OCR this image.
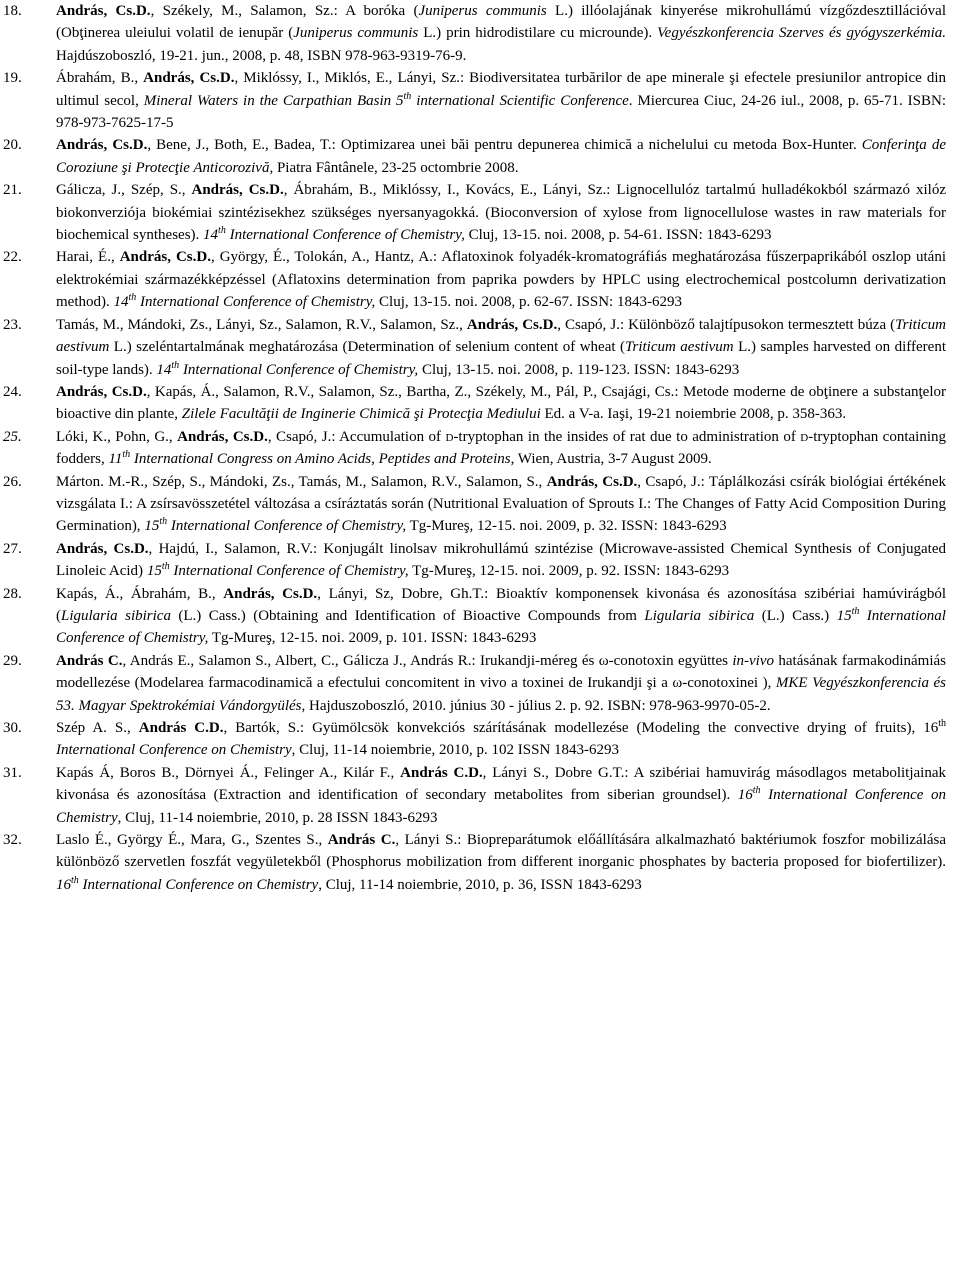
18.	András, Cs.D., Székely, M., Salamon, Sz.: A boróka (Juniperus communis L.) illóolajának kinyerése mikrohullámú vízgőzdesztillációval (Obţinerea uleiului volatil de ienupăr (Juniperus communis L.) prin hidrodistilare cu microunde). Vegyészkonferencia Szerves és gyógyszerkémia. Hajdúszoboszló, 19-21. jun., 2008, p. 48, ISBN 978-963-9319-76-9.
19.	Ábrahám, B., András, Cs.D., Miklóssy, I., Miklós, E., Lányi, Sz.: Biodiversitatea turbărilor de ape minerale şi efectele presiunilor antropice din ultimul secol, Mineral Waters in the Carpathian Basin 5th international Scientific Conference. Miercurea Ciuc, 24-26 iul., 2008, p. 65-71. ISBN: 978-973-7625-17-5
20.	András, Cs.D., Bene, J., Both, E., Badea, T.: Optimizarea unei băi pentru depunerea chimică a nichelului cu metoda Box-Hunter. Conferinţa de Coroziune şi Protecţie Anticorozivă, Piatra Fântânele, 23-25 octombrie 2008.
21.	Gálicza, J., Szép, S., András, Cs.D., Ábrahám, B., Miklóssy, I., Kovács, E., Lányi, Sz.: Lignocellulóz tartalmú hulladékokból származó xilóz biokonverziója biokémiai szintézisekhez szükséges nyersanyagokká. (Bioconversion of xylose from lignocellulose wastes in raw materials for biochemical syntheses). 14th International Conference of Chemistry, Cluj, 13-15. noi. 2008, p. 54-61. ISSN: 1843-6293
22.	Harai, É., András, Cs.D., György, É., Tolokán, A., Hantz, A.: Aflatoxinok folyadék-kromatográfiás meghatározása fűszerpaprikából oszlop utáni elektrokémiai származékképzéssel (Aflatoxins determination from paprika powders by HPLC using electrochemical postcolumn derivatization method). 14th International Conference of Chemistry, Cluj, 13-15. noi. 2008, p. 62-67. ISSN: 1843-6293
23.	Tamás, M., Mándoki, Zs., Lányi, Sz., Salamon, R.V., Salamon, Sz., András, Cs.D., Csapó, J.: Különböző talajtípusokon termesztett búza (Triticum aestivum L.) szeléntartalmának meghatározása (Determination of selenium content of wheat (Triticum aestivum L.) samples harvested on different soil-type lands). 14th International Conference of Chemistry, Cluj, 13-15. noi. 2008, p. 119-123. ISSN: 1843-6293
24.	András, Cs.D., Kapás, Á., Salamon, R.V., Salamon, Sz., Bartha, Z., Székely, M., Pál, P., Csajági, Cs.: Metode moderne de obţinere a substanţelor bioactive din plante, Zilele Facultăţii de Inginerie Chimică şi Protecţia Mediului Ed. a V-a. Iaşi, 19-21 noiembrie 2008, p. 358-363.
25.	Lóki, K., Pohn, G., András, Cs.D., Csapó, J.: Accumulation of d-tryptophan in the insides of rat due to administration of d-tryptophan containing fodders, 11th International Congress on Amino Acids, Peptides and Proteins, Wien, Austria, 3-7 August 2009.
26.	Márton. M.-R., Szép, S., Mándoki, Zs., Tamás, M., Salamon, R.V., Salamon, S., András, Cs.D., Csapó, J.: Táplálkozási csírák biológiai értékének vizsgálata I.: A zsírsavösszetétel változása a csíráztatás során (Nutritional Evaluation of Sprouts I.: The Changes of Fatty Acid Composition During Germination), 15th International Conference of Chemistry, Tg-Mureş, 12-15. noi. 2009, p. 32. ISSN: 1843-6293
27.	András, Cs.D., Hajdú, I., Salamon, R.V.: Konjugált linolsav mikrohullámú szintézise (Microwave-assisted Chemical Synthesis of Conjugated Linoleic Acid) 15th International Conference of Chemistry, Tg-Mureş, 12-15. noi. 2009, p. 92. ISSN: 1843-6293
28.	Kapás, Á., Ábrahám, B., András, Cs.D., Lányi, Sz, Dobre, Gh.T.: Bioaktív komponensek kivonása és azonosítása szibériai hamúvirágból (Ligularia sibirica (L.) Cass.) (Obtaining and Identification of Bioactive Compounds from Ligularia sibirica (L.) Cass.) 15th International Conference of Chemistry, Tg-Mureş, 12-15. noi. 2009, p. 101. ISSN: 1843-6293
29.	András C., András E., Salamon S., Albert, C., Gálicza J., András R.: Irukandji-méreg és ω-conotoxin együttes in-vivo hatásának farmakodinámiás modellezése (Modelarea farmacodinamică a efectului concomitent in vivo a toxinei de Irukandji şi a ω-conotoxinei ), MKE Vegyészkonferencia és 53. Magyar Spektrokémiai Vándorgyülés, Hajduszoboszló, 2010. június 30 - július 2. p. 92. ISBN: 978-963-9970-05-2.
30.	Szép A. S., András C.D., Bartók, S.: Gyümölcsök konvekciós szárításának modellezése (Modeling the convective drying of fruits), 16th International Conference on Chemistry, Cluj, 11-14 noiembrie, 2010, p. 102 ISSN 1843-6293
31.	Kapás Á, Boros B., Dörnyei Á., Felinger A., Kilár F., András C.D., Lányi S., Dobre G.T.: A szibériai hamuvirág másodlagos metabolitjainak kivonása és azonosítása (Extraction and identification of secondary metabolites from siberian groundsel). 16th International Conference on Chemistry, Cluj, 11-14 noiembrie, 2010, p. 28 ISSN 1843-6293
32.	Laslo É., György É., Mara, G., Szentes S., András C., Lányi S.: Biopreparátumok előállítására alkalmazható baktériumok foszfor mobilizálása különböző szervetlen foszfát vegyületekből (Phosphorus mobilization from different inorganic phosphates by bacteria proposed for biofertilizer). 16th International Conference on Chemistry, Cluj, 11-14 noiembrie, 2010, p. 36, ISSN 1843-6293
